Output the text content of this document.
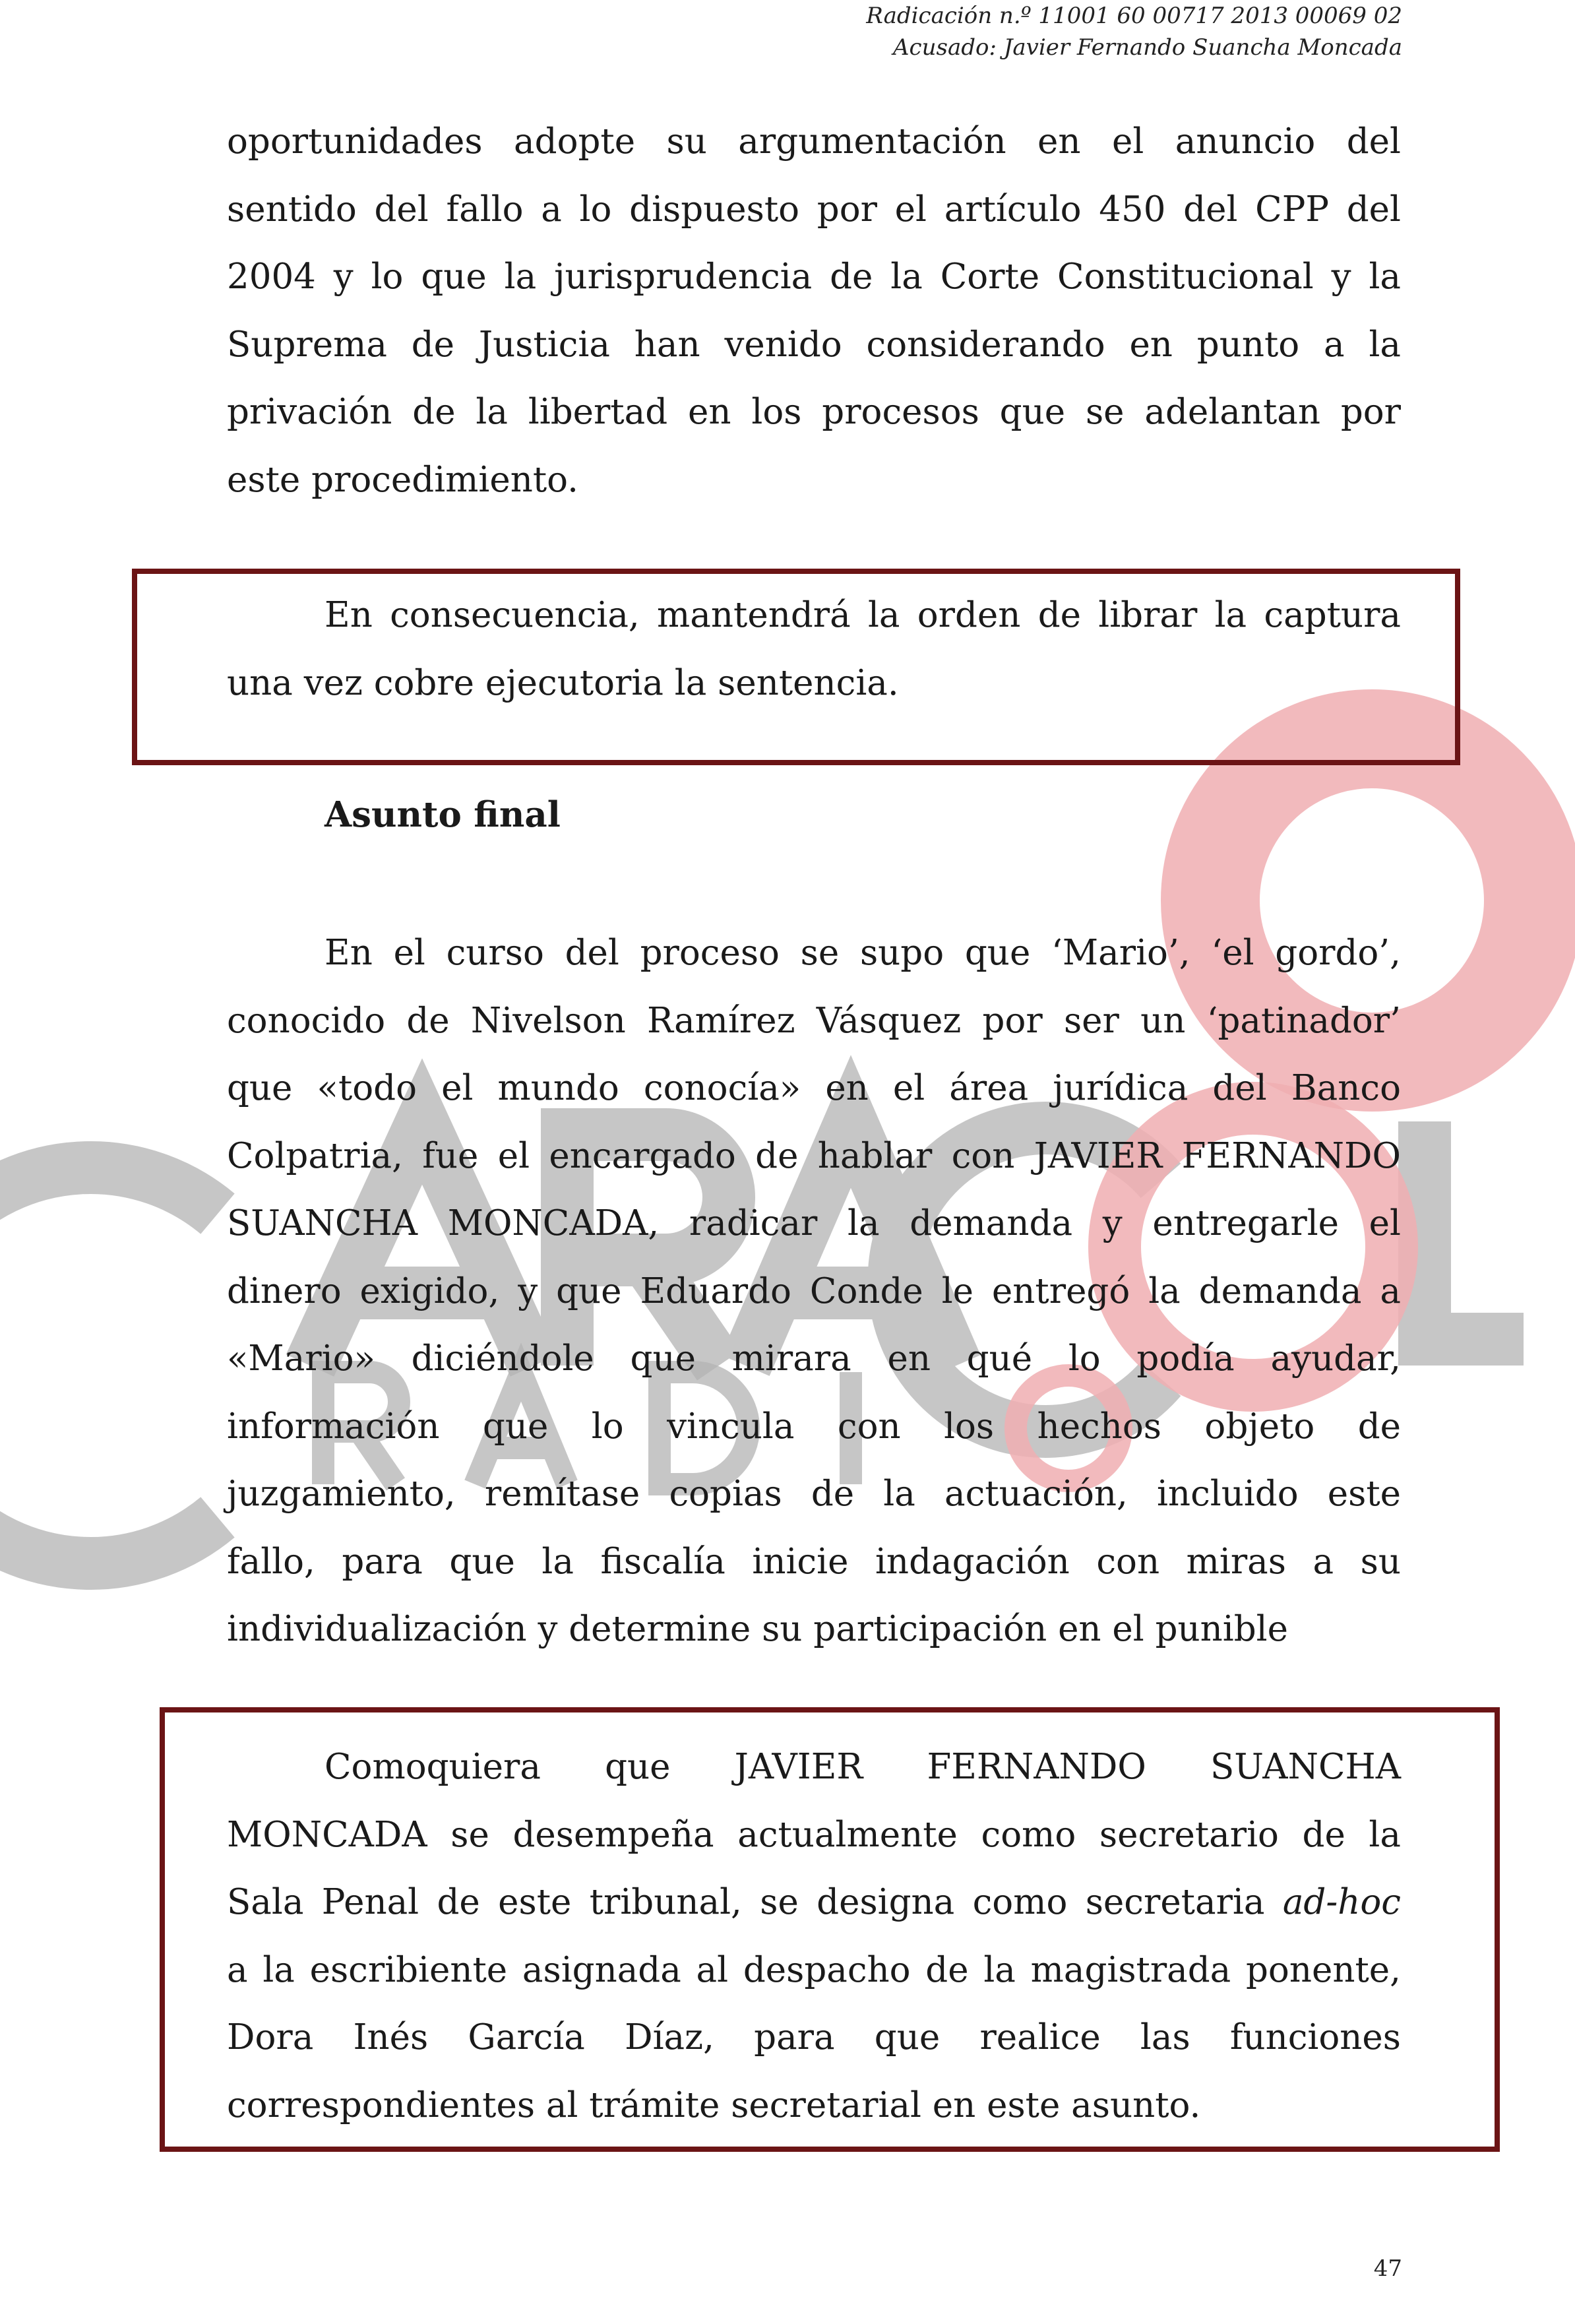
Radicación n.º 11001 60 00717 2013 00069 02
Acusado: Javier Fernando Suancha Moncada
oportunidades adopte su argumentación en el anuncio del
sentido del fallo a lo dispuesto por el artículo 450 del CPP del
2004 y lo que la jurisprudencia de la Corte Constitucional y la
Suprema de Justicia han venido considerando en punto a la
privación de la libertad en los procesos que se adelantan por
este procedimiento.
En consecuencia, mantendrá la orden de librar la captura
una vez cobre ejecutoria la sentencia.
Asunto final
En el curso del proceso se supo que ‘Mario’, ‘el gordo’,
conocido de Nivelson Ramírez Vásquez por ser un ‘patinador’
que «todo el mundo conocía» en el área jurídica del Banco
Colpatria, fue el encargado de hablar con JAVIER FERNANDO
SUANCHA MONCADA, radicar la demanda y entregarle el
dinero exigido, y que Eduardo Conde le entregó la demanda a
«Mario» diciéndole que mirara en qué lo podía ayudar,
información que lo vincula con los hechos objeto de
juzgamiento, remítase copias de la actuación, incluido este
fallo, para que la fiscalía inicie indagación con miras a su
individualización y determine su participación en el punible
Comoquiera que JAVIER FERNANDO SUANCHA
MONCADA se desempeña actualmente como secretario de la
Sala Penal de este tribunal, se designa como secretaria ad-hoc
a la escribiente asignada al despacho de la magistrada ponente,
Dora Inés García Díaz, para que realice las funciones
correspondientes al trámite secretarial en este asunto.
47
